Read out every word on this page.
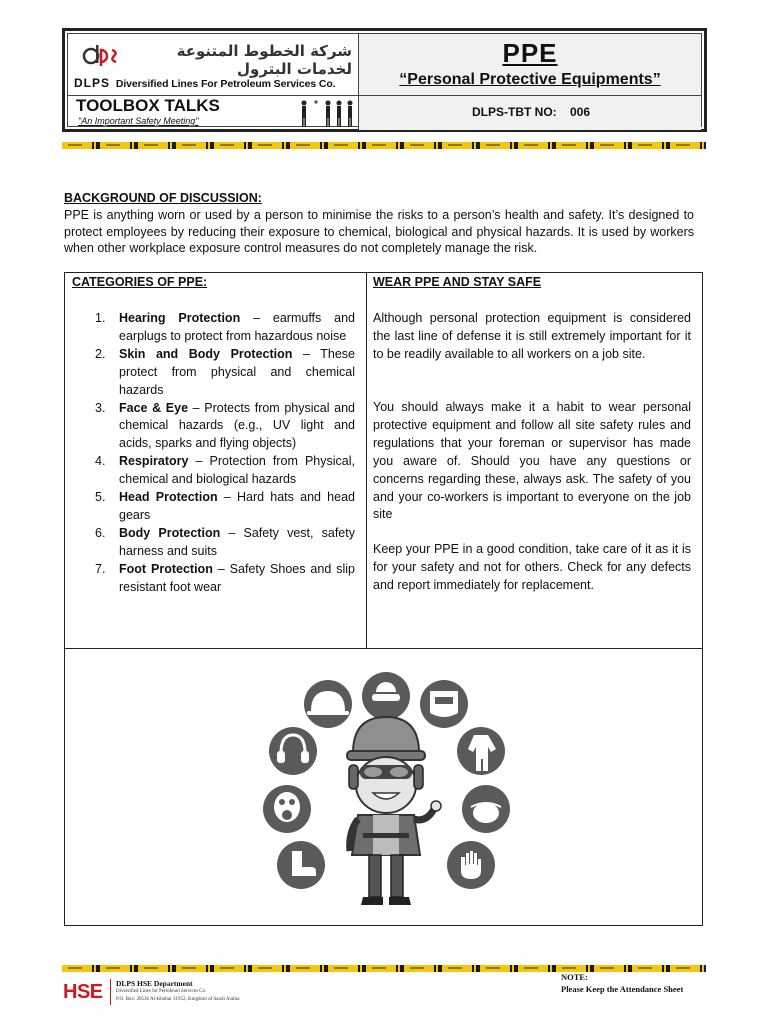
شركة الخطوط المتنوعة لخدمات البترول
DLPS Diversified Lines For Petroleum Services Co.
TOOLBOX TALKS
"An Important Safety Meeting"
PPE
“Personal Protective Equipments”
DLPS-TBT NO: 006
BACKGROUND OF DISCUSSION:
PPE is anything worn or used by a person to minimise the risks to a person’s health and safety. It’s designed to protect employees by reducing their exposure to chemical, biological and physical hazards. It is used by workers when other workplace exposure control measures do not completely manage the risk.
CATEGORIES OF PPE:
1. Hearing Protection – earmuffs and earplugs to protect from hazardous noise
2. Skin and Body Protection – These protect from physical and chemical hazards
3. Face & Eye – Protects from physical and chemical hazards (e.g., UV light and acids, sparks and flying objects)
4. Respiratory – Protection from Physical, chemical and biological hazards
5. Head Protection – Hard hats and head gears
6. Body Protection – Safety vest, safety harness and suits
7. Foot Protection – Safety Shoes and slip resistant foot wear
WEAR PPE AND STAY SAFE
Although personal protection equipment is considered the last line of defense it is still extremely important for it to be readily available to all workers on a job site.
You should always make it a habit to wear personal protective equipment and follow all site safety rules and regulations that your foreman or supervisor has made you aware of. Should you have any questions or concerns regarding these, always ask. The safety of you and your co-workers is important to everyone on the job site
Keep your PPE in a good condition, take care of it as it is for your safety and not for others. Check for any defects and report immediately for replacement.
HSE DLPS HSE Department
Diversified Lines for Petroleum Services Co.
P.O. Box: 20530 Al-Khobar 31952, Kingdom of Saudi Arabia
NOTE:
Please Keep the Attendance Sheet
